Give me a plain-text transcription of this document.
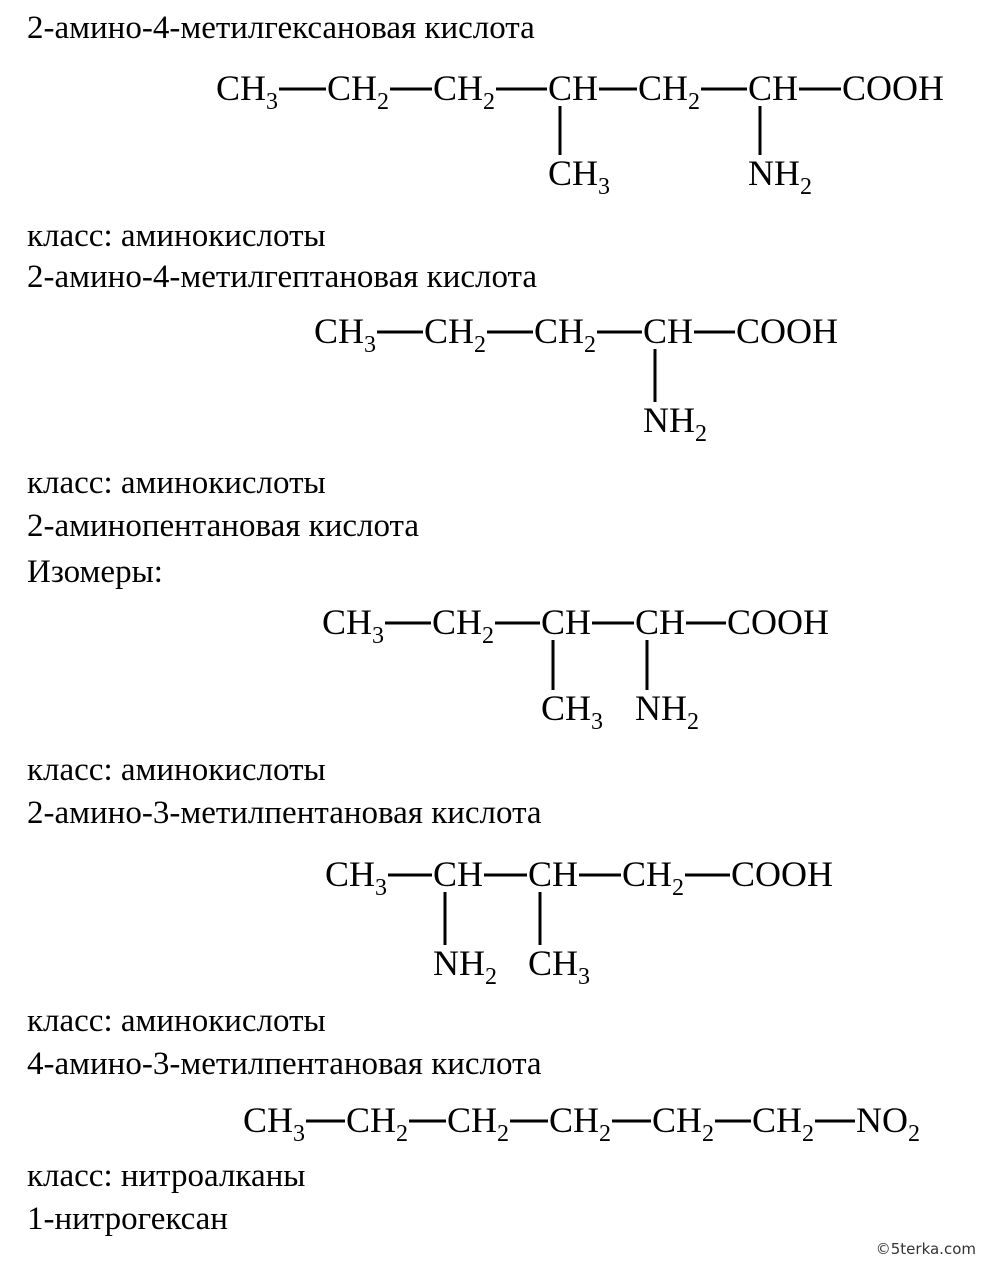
2-амино-4-метилгексановая кислота
класс: аминокислоты
2-амино-4-метилгептановая кислота
класс: аминокислоты
2-аминопентановая кислота
Изомеры:
класс: аминокислоты
2-амино-3-метилпентановая кислота
класс: аминокислоты
4-амино-3-метилпентановая кислота
класс: нитроалканы
1-нитрогексан
$CH_3$ $CH_2$ $CH_2$ CH $CH_2$ CH COOH
$CH_3$	$NH_2$
$CH_3$ $CH_2$ $CH_2$ CH COOH
$NH_2$
$CH_3$ $CH_2$ CH CH COOH
$CH_3$ $NH_2$
$CH_3$ CH CH $CH_2$ COOH
$NH_2$ $CH_3$
$CH_3$ $CH_2$ $CH_2$ $CH_2$ $CH_2$ $CH_2$ $NO_2$
©5terka.com
